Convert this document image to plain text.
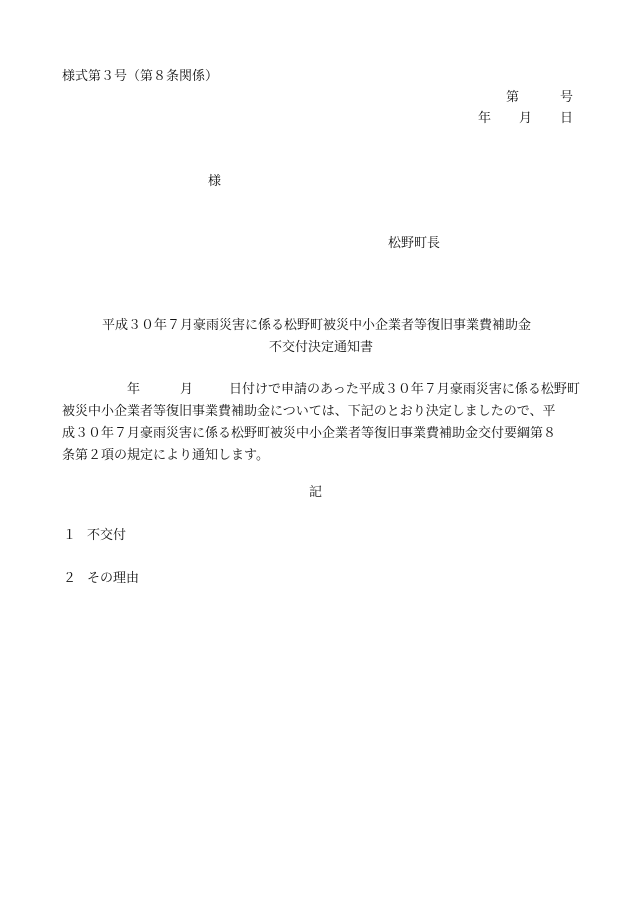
様式第３号（第８条関係）
第	号
年 月 日
様
松野町長
平成３０年７月豪雨災害に係る松野町被災中小企業者等復旧事業費補助金
不交付決定通知書
年	月	日付けで申請のあった平成３０年７月豪雨災害に係る松野町
被災中小企業者等復旧事業費補助金については、下記のとおり決定しましたので、平
成３０年７月豪雨災害に係る松野町被災中小企業者等復旧事業費補助金交付要綱第８
条第２項の規定により通知します。
記
１ 不交付
２ その理由
